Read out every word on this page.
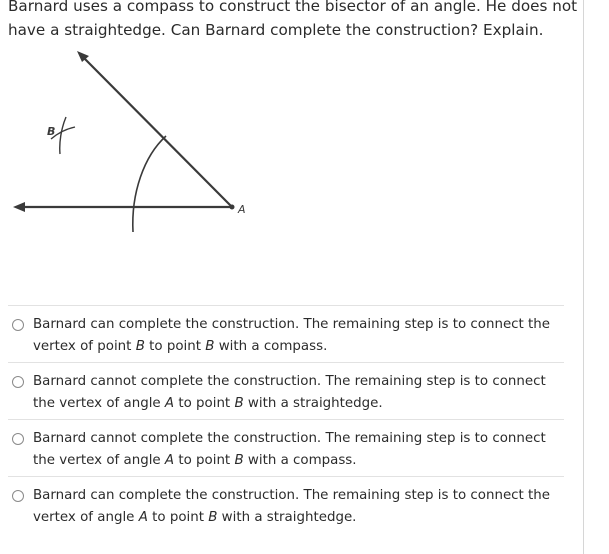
Barnard uses a compass to construct the bisector of an angle. He does not have a straightedge. Can Barnard complete the construction? Explain.

B
A
Barnard can complete the construction. The remaining step is to connect the vertex of point B to point B with a compass.
Barnard cannot complete the construction. The remaining step is to connect the vertex of angle A to point B with a straightedge.
Barnard cannot complete the construction. The remaining step is to connect the vertex of angle A to point B with a compass.
Barnard can complete the construction. The remaining step is to connect the vertex of angle A to point B with a straightedge.
